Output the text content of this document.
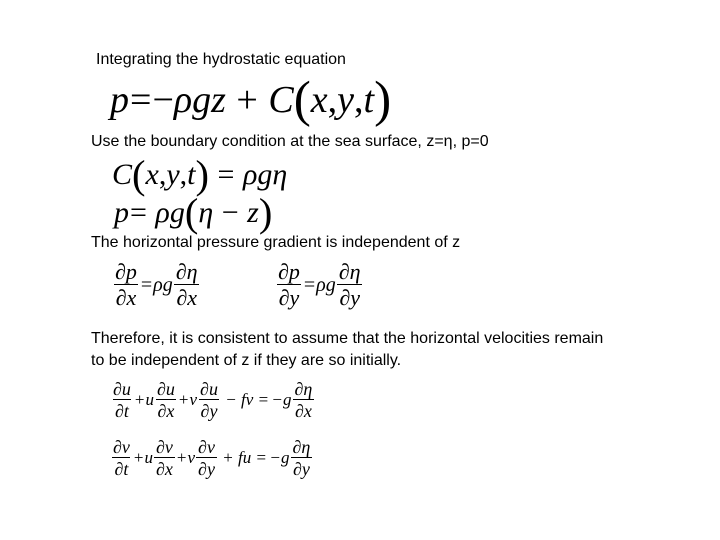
Integrating the hydrostatic equation
p = − ρgz + C ( x , y , t )
Use the boundary condition at the sea surface, z=η, p=0
C ( x , y , t ) = ρgη
p = ρg ( η − z )
The horizontal pressure gradient is independent of z
$\frac{\partial p}{\partial x} = \rho g \frac{\partial\eta}{\partial x}$	$\frac{\partial p}{\partial y} = \rho g \frac{\partial\eta}{\partial y}$
Therefore, it is consistent to assume that the horizontal velocities remain
to be independent of z if they are so initially.
$\frac{\partial u}{\partial t} + u \frac{\partial u}{\partial x} + v \frac{\partial u}{\partial y}$ − fv = − g $\frac{\partial\eta}{\partial x}$
$\frac{\partial v}{\partial t} + u \frac{\partial v}{\partial x} + v \frac{\partial v}{\partial y}$ + fu = − g $\frac{\partial\eta}{\partial y}$
